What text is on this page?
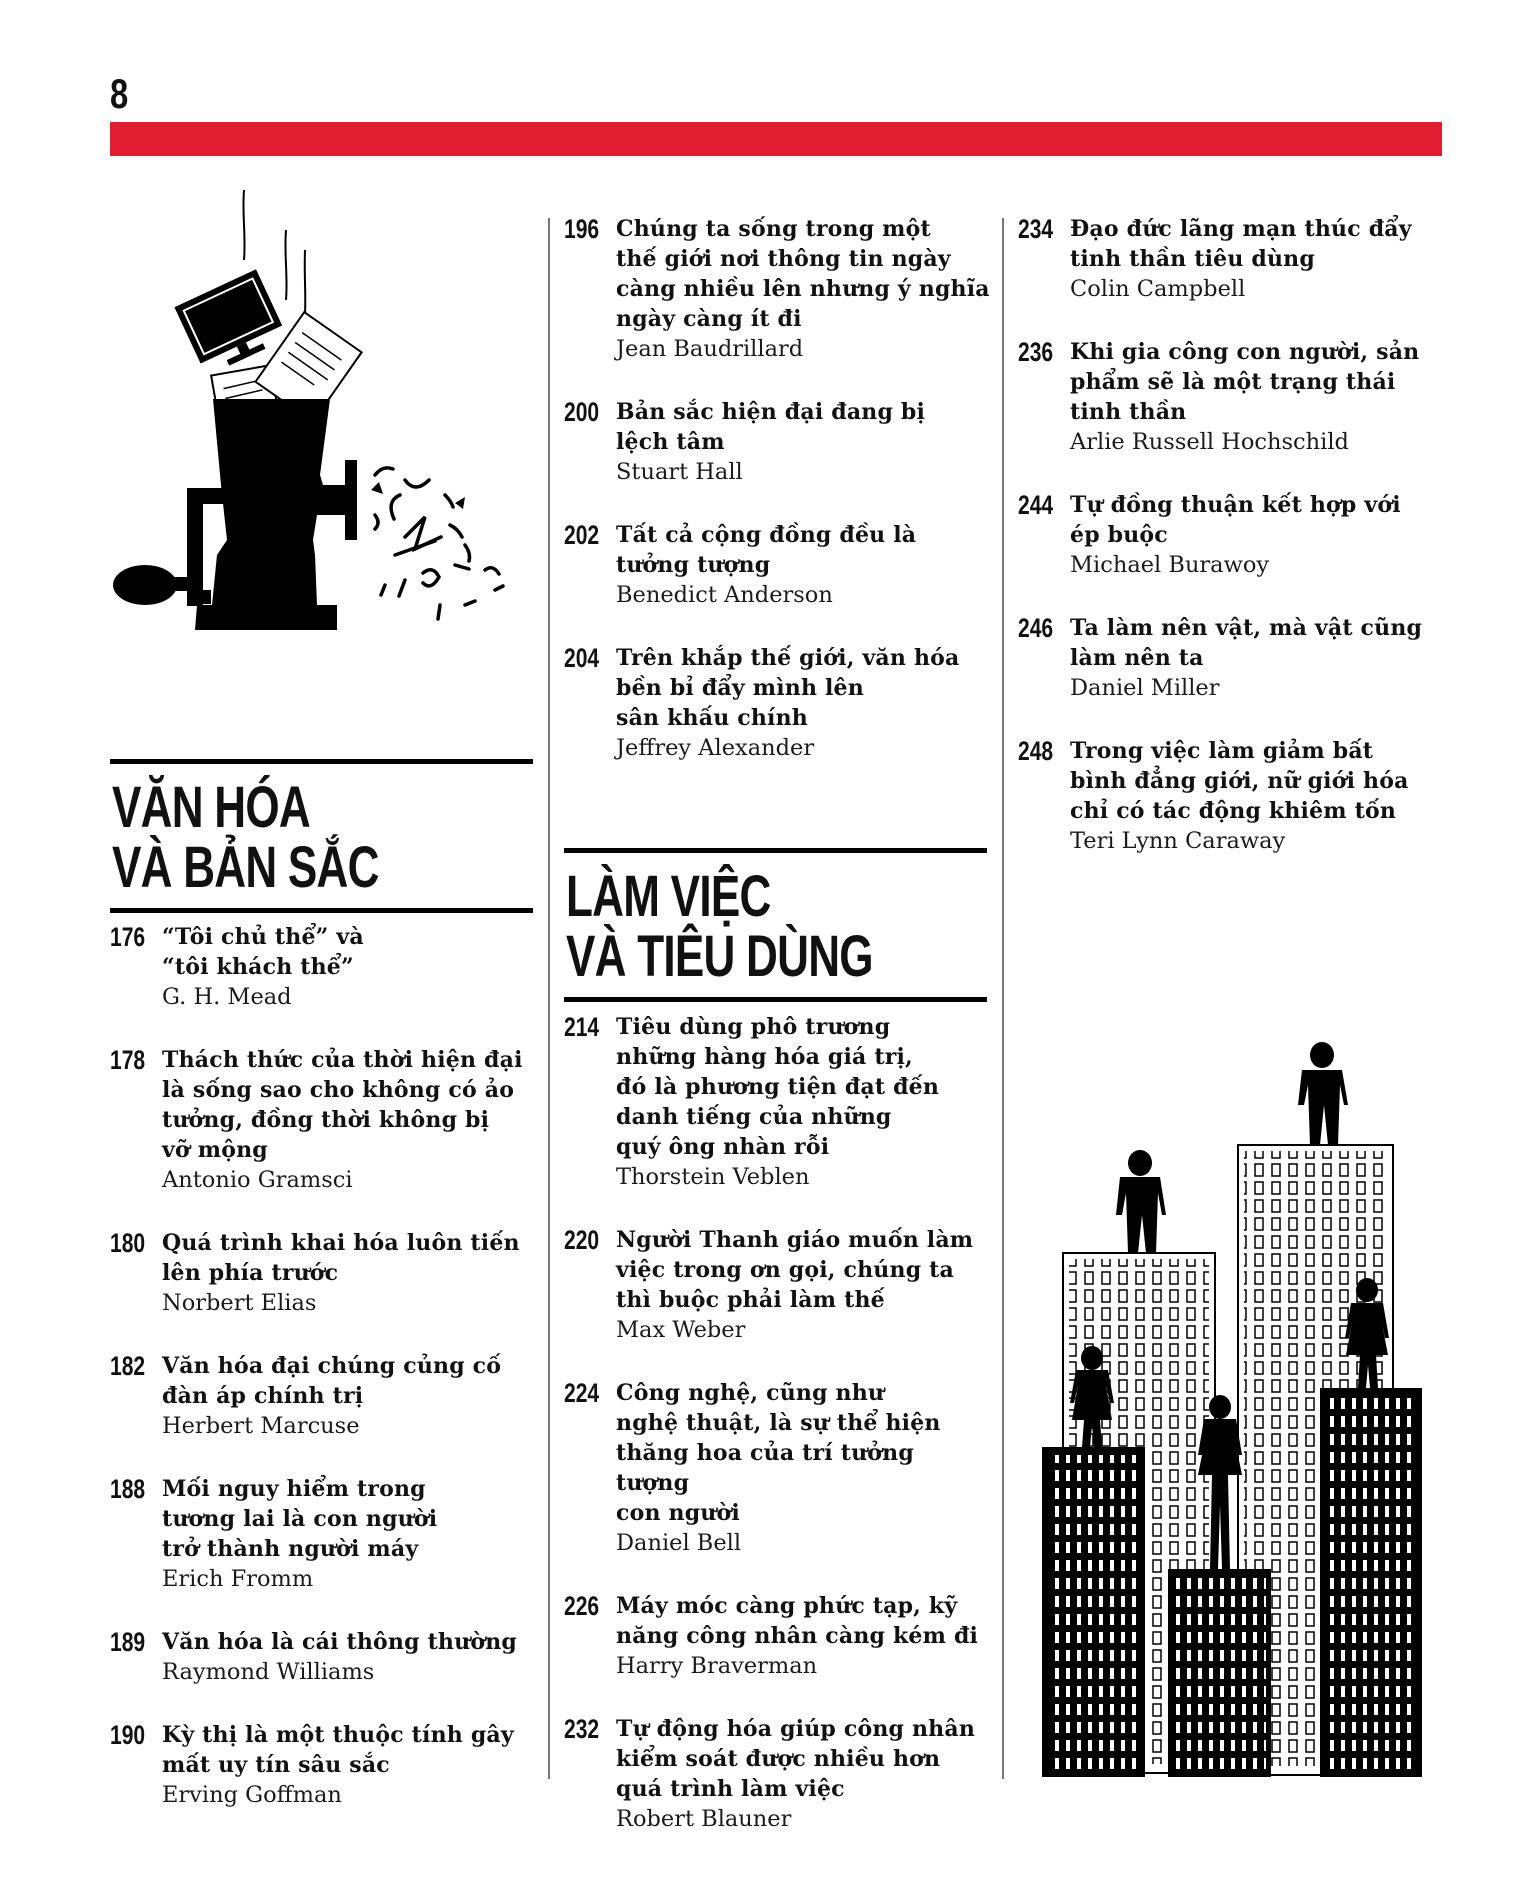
8
VĂN HÓA
VÀ BẢN SẮC
176 “Tôi chủ thể” và
“tôi khách thể”
G. H. Mead
178 Thách thức của thời hiện đại
là sống sao cho không có ảo
tưởng, đồng thời không bị
vỡ mộng
Antonio Gramsci
180 Quá trình khai hóa luôn tiến
lên phía trước
Norbert Elias
182 Văn hóa đại chúng củng cố
đàn áp chính trị
Herbert Marcuse
188 Mối nguy hiểm trong
tương lai là con người
trở thành người máy
Erich Fromm
189 Văn hóa là cái thông thường
Raymond Williams
190 Kỳ thị là một thuộc tính gây
mất uy tín sâu sắc
Erving Goffman
196 Chúng ta sống trong một
thế giới nơi thông tin ngày
càng nhiều lên nhưng ý nghĩa
ngày càng ít đi
Jean Baudrillard
200 Bản sắc hiện đại đang bị
lệch tâm
Stuart Hall
202 Tất cả cộng đồng đều là
tưởng tượng
Benedict Anderson
204 Trên khắp thế giới, văn hóa
bền bỉ đẩy mình lên
sân khấu chính
Jeffrey Alexander
LÀM VIỆC
VÀ TIÊU DÙNG
214 Tiêu dùng phô trương
những hàng hóa giá trị,
đó là phương tiện đạt đến
danh tiếng của những
quý ông nhàn rỗi
Thorstein Veblen
220 Người Thanh giáo muốn làm
việc trong ơn gọi, chúng ta
thì buộc phải làm thế
Max Weber
224 Công nghệ, cũng như
nghệ thuật, là sự thể hiện
thăng hoa của trí tưởng tượng
con người
Daniel Bell
226 Máy móc càng phức tạp, kỹ
năng công nhân càng kém đi
Harry Braverman
232 Tự động hóa giúp công nhân
kiểm soát được nhiều hơn
quá trình làm việc
Robert Blauner
234 Đạo đức lãng mạn thúc đẩy
tinh thần tiêu dùng
Colin Campbell
236 Khi gia công con người, sản
phẩm sẽ là một trạng thái
tinh thần
Arlie Russell Hochschild
244 Tự đồng thuận kết hợp với
ép buộc
Michael Burawoy
246 Ta làm nên vật, mà vật cũng
làm nên ta
Daniel Miller
248 Trong việc làm giảm bất
bình đẳng giới, nữ giới hóa
chỉ có tác động khiêm tốn
Teri Lynn Caraway
